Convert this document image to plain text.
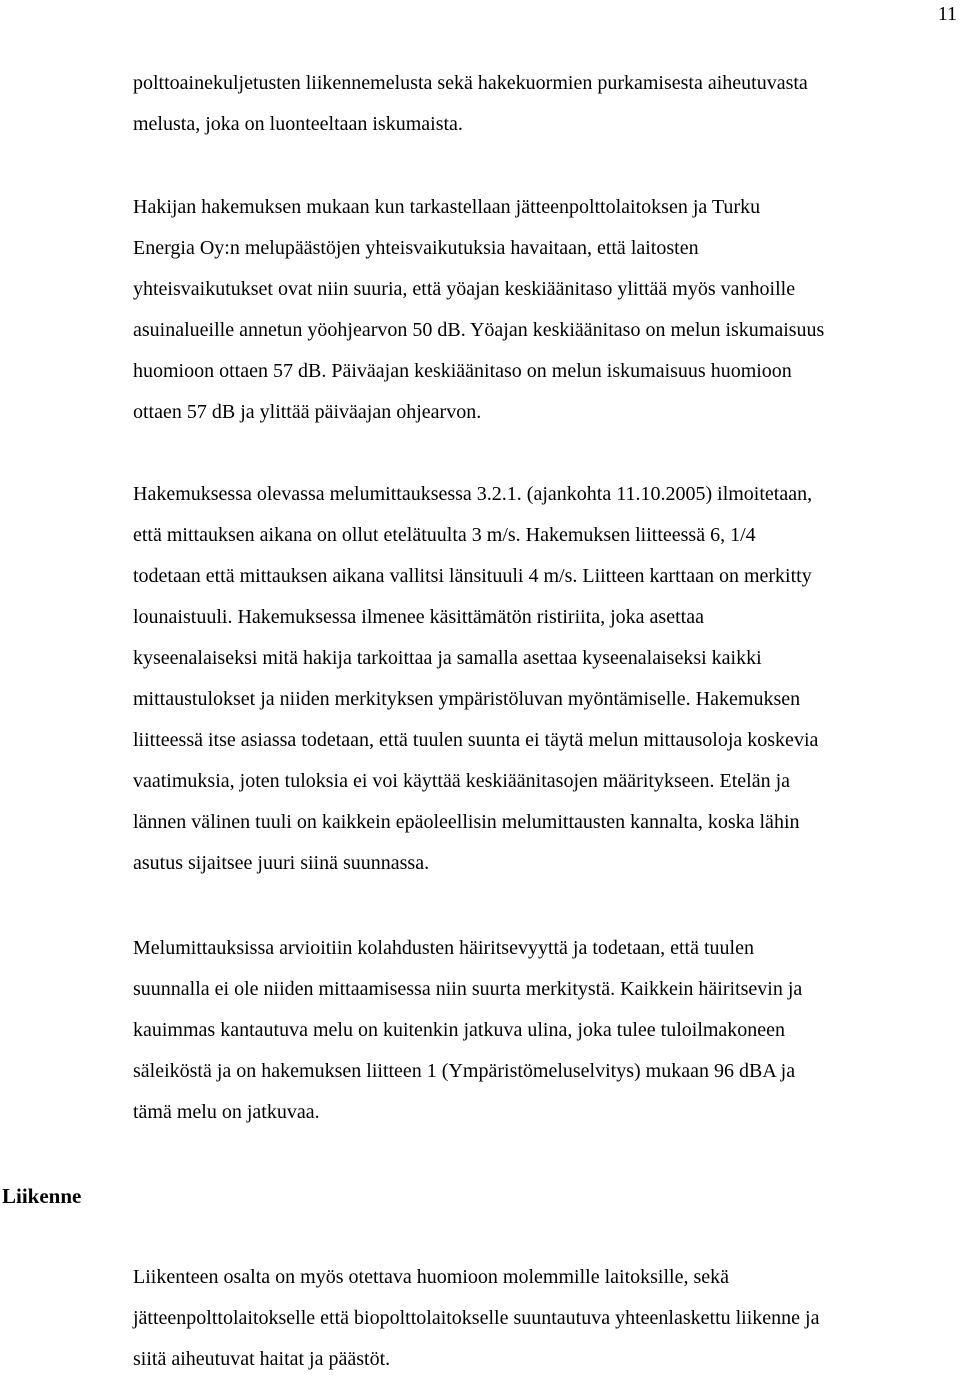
11
polttoainekuljetusten liikennemelusta sekä hakekuormien purkamisesta aiheutuvasta
melusta, joka on luonteeltaan iskumaista.
Hakijan hakemuksen mukaan kun tarkastellaan jätteenpolttolaitoksen ja Turku
Energia Oy:n melupäästöjen yhteisvaikutuksia havaitaan, että laitosten
yhteisvaikutukset ovat niin suuria, että yöajan keskiäänitaso ylittää myös vanhoille
asuinalueille annetun yöohjearvon 50 dB. Yöajan keskiäänitaso on melun iskumaisuus
huomioon ottaen 57 dB. Päiväajan keskiäänitaso on melun iskumaisuus huomioon
ottaen 57 dB ja ylittää päiväajan ohjearvon.
Hakemuksessa olevassa melumittauksessa 3.2.1. (ajankohta 11.10.2005) ilmoitetaan,
että mittauksen aikana on ollut etelätuulta 3 m/s. Hakemuksen liitteessä 6, 1/4
todetaan että mittauksen aikana vallitsi länsituuli 4 m/s. Liitteen karttaan on merkitty
lounaistuuli. Hakemuksessa ilmenee käsittämätön ristiriita, joka asettaa
kyseenalaiseksi mitä hakija tarkoittaa ja samalla asettaa kyseenalaiseksi kaikki
mittaustulokset ja niiden merkityksen ympäristöluvan myöntämiselle. Hakemuksen
liitteessä itse asiassa todetaan, että tuulen suunta ei täytä melun mittausoloja koskevia
vaatimuksia, joten tuloksia ei voi käyttää keskiäänitasojen määritykseen. Etelän ja
lännen välinen tuuli on kaikkein epäoleellisin melumittausten kannalta, koska lähin
asutus sijaitsee juuri siinä suunnassa.
Melumittauksissa arvioitiin kolahdusten häiritsevyyttä ja todetaan, että tuulen
suunnalla ei ole niiden mittaamisessa niin suurta merkitystä. Kaikkein häiritsevin ja
kauimmas kantautuva melu on kuitenkin jatkuva ulina, joka tulee tuloilmakoneen
säleiköstä ja on hakemuksen liitteen 1 (Ympäristömeluselvitys) mukaan 96 dBA ja
tämä melu on jatkuvaa.
Liikenne
Liikenteen osalta on myös otettava huomioon molemmille laitoksille, sekä
jätteenpolttolaitokselle että biopolttolaitokselle suuntautuva yhteenlaskettu liikenne ja
siitä aiheutuvat haitat ja päästöt.
